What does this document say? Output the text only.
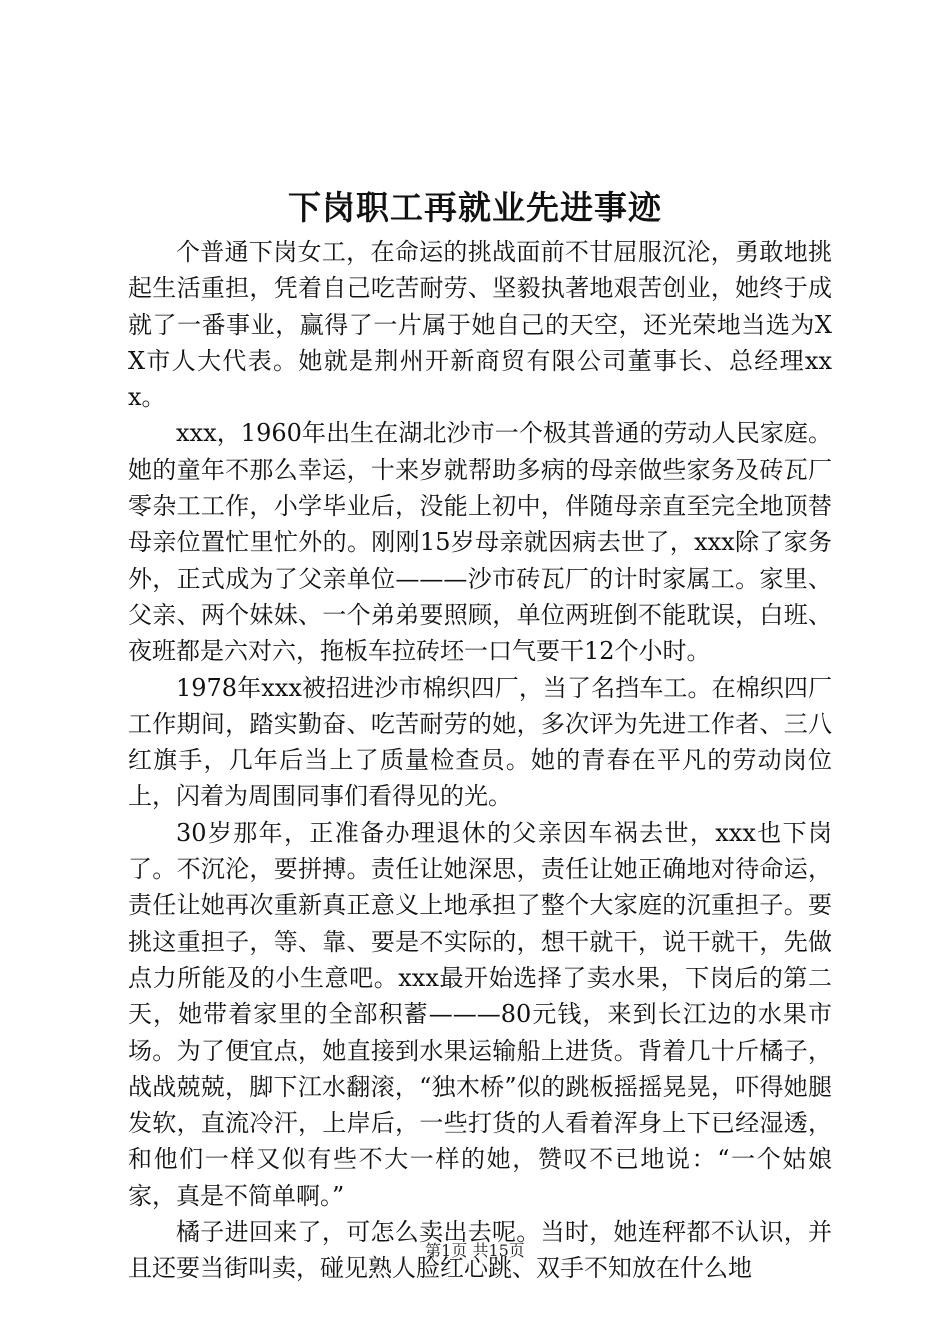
下岗职工再就业先进事迹

个普通下岗女工，在命运的挑战面前不甘屈服沉沦，勇敢地挑起生活重担，凭着自己吃苦耐劳、坚毅执著地艰苦创业，她终于成就了一番事业，赢得了一片属于她自己的天空，还光荣地当选为XX市人大代表。她就是荆州开新商贸有限公司董事长、总经理xxx。

xxx，1960年出生在湖北沙市一个极其普通的劳动人民家庭。她的童年不那么幸运，十来岁就帮助多病的母亲做些家务及砖瓦厂零杂工工作，小学毕业后，没能上初中，伴随母亲直至完全地顶替母亲位置忙里忙外的。刚刚15岁母亲就因病去世了，xxx除了家务外，正式成为了父亲单位———沙市砖瓦厂的计时家属工。家里、父亲、两个妹妹、一个弟弟要照顾，单位两班倒不能耽误，白班、夜班都是六对六，拖板车拉砖坯一口气要干12个小时。

1978年xxx被招进沙市棉织四厂，当了名挡车工。在棉织四厂工作期间，踏实勤奋、吃苦耐劳的她，多次评为先进工作者、三八红旗手，几年后当上了质量检查员。她的青春在平凡的劳动岗位上，闪着为周围同事们看得见的光。

30岁那年，正准备办理退休的父亲因车祸去世，xxx也下岗了。不沉沦，要拼搏。责任让她深思，责任让她正确地对待命运，责任让她再次重新真正意义上地承担了整个大家庭的沉重担子。要挑这重担子，等、靠、要是不实际的，想干就干，说干就干，先做点力所能及的小生意吧。xxx最开始选择了卖水果，下岗后的第二天，她带着家里的全部积蓄———80元钱，来到长江边的水果市场。为了便宜点，她直接到水果运输船上进货。背着几十斤橘子，战战兢兢，脚下江水翻滚，“独木桥”似的跳板摇摇晃晃，吓得她腿发软，直流冷汗，上岸后，一些打货的人看着浑身上下已经湿透，和他们一样又似有些不大一样的她，赞叹不已地说：“一个姑娘家，真是不简单啊。”

橘子进回来了，可怎么卖出去呢。当时，她连秤都不认识，并且还要当街叫卖，碰见熟人脸红心跳、双手不知放在什么地

第1页 共15页
